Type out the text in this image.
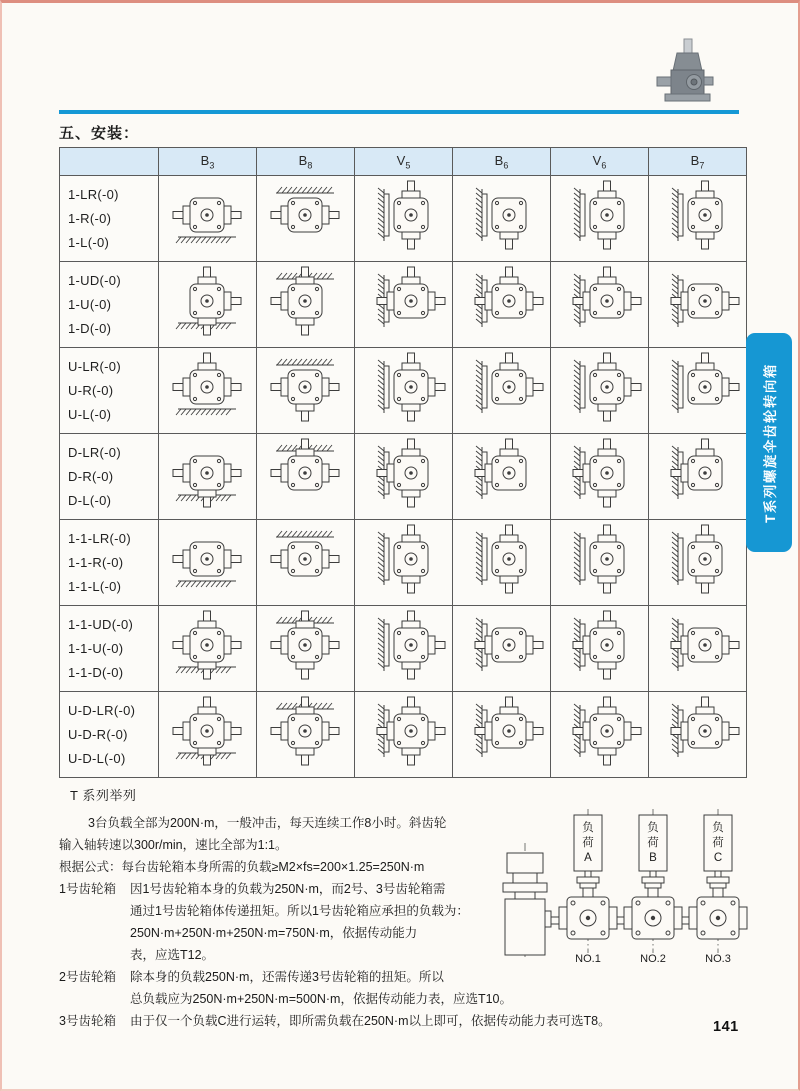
五、安装：
	$B_3$	$B_8$	$V_5$	$B_6$	$V_6$	$B_7$

1-LR(-0)
1-R(-0)
1-L(-0)

1-UD(-0)
1-U(-0)
1-D(-0)

U-LR(-0)
U-R(-0)
U-L(-0)

D-LR(-0)
D-R(-0)
D-L(-0)

1-1-LR(-0)
1-1-R(-0)
1-1-L(-0)

1-1-UD(-0)
1-1-U(-0)
1-1-D(-0)

U-D-LR(-0)
U-D-R(-0)
U-D-L(-0)

T 系列举列
3台负载全部为200N·m，一般冲击，每天连续工作8小时。斜齿轮
输入轴转速以300r/min，速比全部为1:1。
根据公式：每台齿轮箱本身所需的负载≥M2×fs=200×1.25=250N·m
1号齿轮箱 因1号齿轮箱本身的负载为250N·m，而2号、3号齿轮箱需
通过1号齿轮箱体传递扭矩。所以1号齿轮箱应承担的负载为：
250N·m+250N·m+250N·m=750N·m，依据传动能力
表，应选T12。
2号齿轮箱 除本身的负载250N·m，还需传递3号齿轮箱的扭矩。所以
总负载应为250N·m+250N·m=500N·m，依据传动能力表，应选T10。
3号齿轮箱 由于仅一个负载C进行运转，即所需负载在250N·m以上即可，依据传动能力表可选T8。
负荷 A
NO.1
负荷 B
NO.2
负荷 C
NO.3
141
T系列螺旋伞齿轮转向箱
